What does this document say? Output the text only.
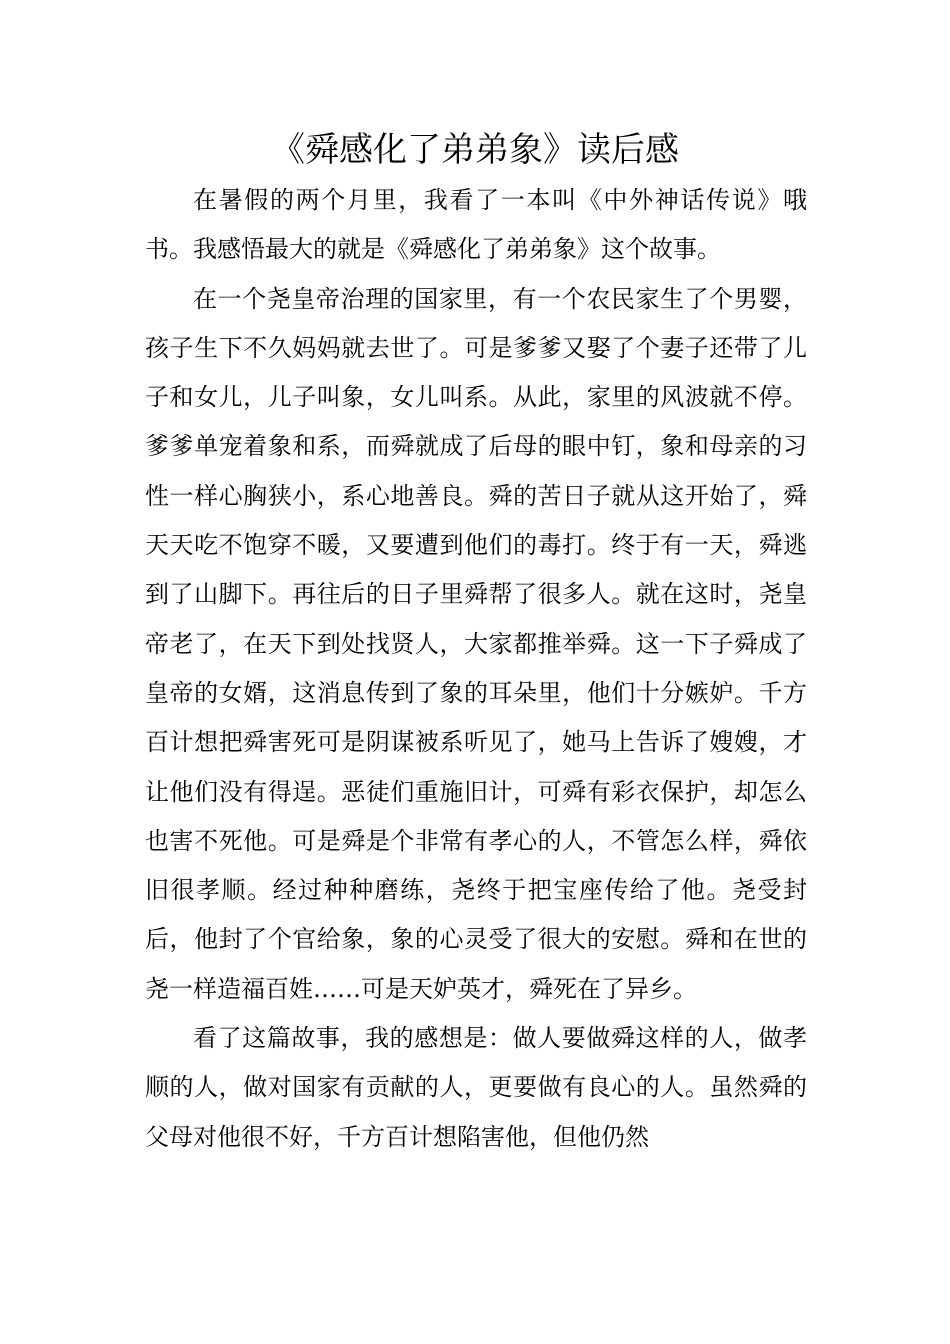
《舜感化了弟弟象》读后感

在暑假的两个月里，我看了一本叫《中外神话传说》哦书。我感悟最大的就是《舜感化了弟弟象》这个故事。

在一个尧皇帝治理的国家里，有一个农民家生了个男婴，孩子生下不久妈妈就去世了。可是爹爹又娶了个妻子还带了儿子和女儿，儿子叫象，女儿叫系。从此，家里的风波就不停。爹爹单宠着象和系，而舜就成了后母的眼中钉，象和母亲的习性一样心胸狭小，系心地善良。舜的苦日子就从这开始了，舜天天吃不饱穿不暖，又要遭到他们的毒打。终于有一天，舜逃到了山脚下。再往后的日子里舜帮了很多人。就在这时，尧皇帝老了，在天下到处找贤人，大家都推举舜。这一下子舜成了皇帝的女婿，这消息传到了象的耳朵里，他们十分嫉妒。千方百计想把舜害死可是阴谋被系听见了，她马上告诉了嫂嫂，才让他们没有得逞。恶徒们重施旧计，可舜有彩衣保护，却怎么也害不死他。可是舜是个非常有孝心的人，不管怎么样，舜依旧很孝顺。经过种种磨练，尧终于把宝座传给了他。尧受封后，他封了个官给象，象的心灵受了很大的安慰。舜和在世的尧一样造福百姓……可是天妒英才，舜死在了异乡。

看了这篇故事，我的感想是：做人要做舜这样的人，做孝顺的人，做对国家有贡献的人，更要做有良心的人。虽然舜的父母对他很不好，千方百计想陷害他，但他仍然
